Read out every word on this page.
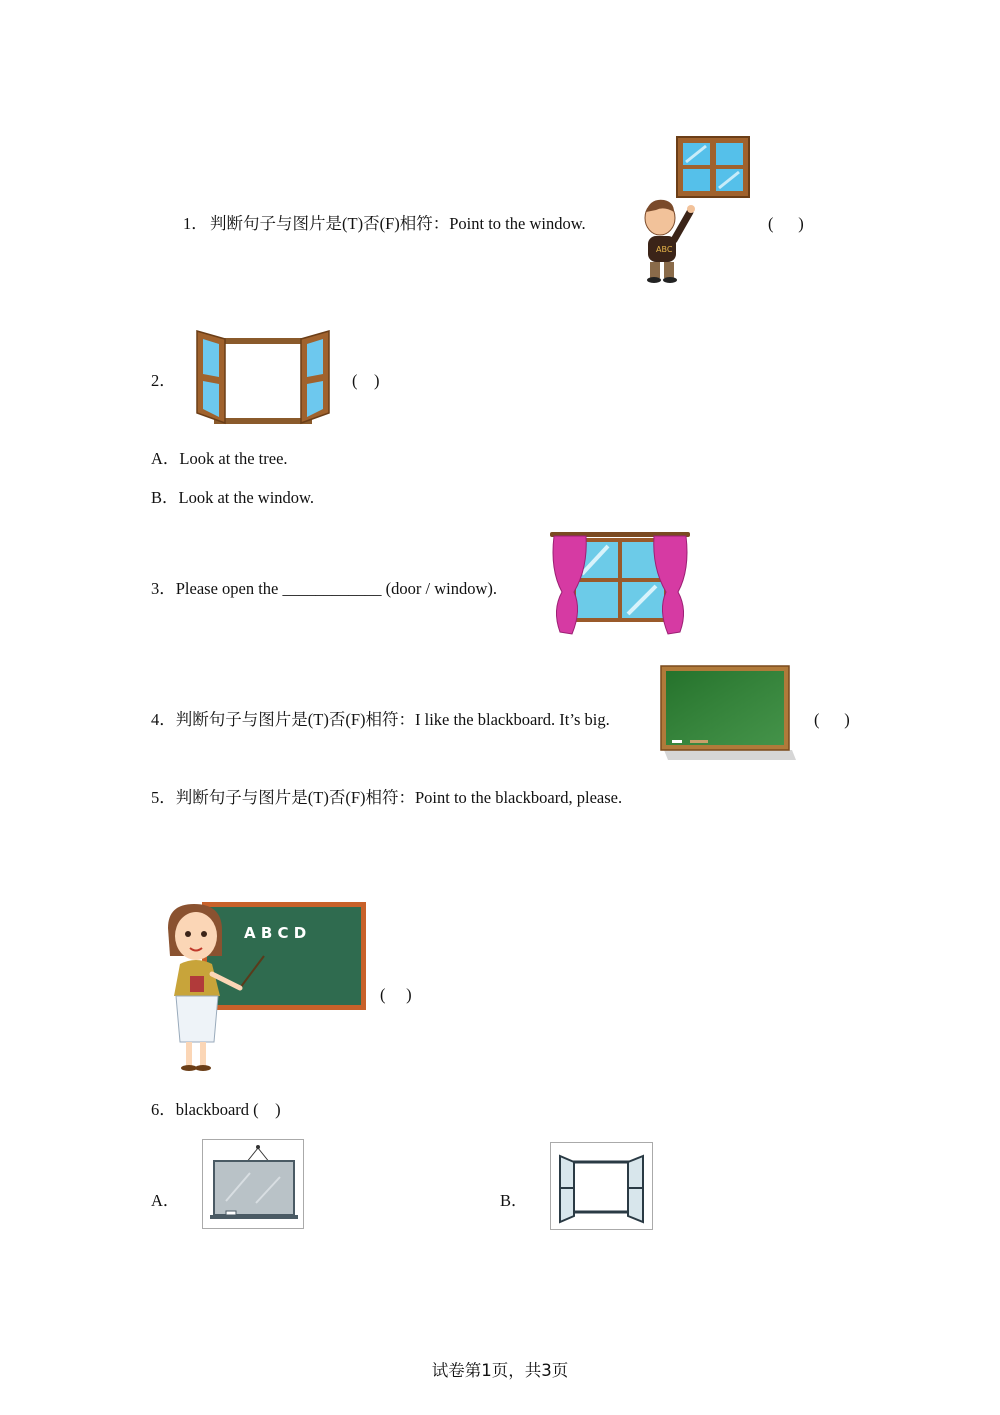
1． 判断句子与图片是(T)否(F)相符：Point to the window.
ABC
(      )
2．	(    )
A．Look at the tree.
B．Look at the window.
3．Please open the ____________ (door / window).
4．判断句子与图片是(T)否(F)相符：I like the blackboard. It’s big.	(      )
5．判断句子与图片是(T)否(F)相符：Point to the blackboard, please.
A B C D
(     )
6．blackboard (    )
A．	B．
试卷第1页，共3页
